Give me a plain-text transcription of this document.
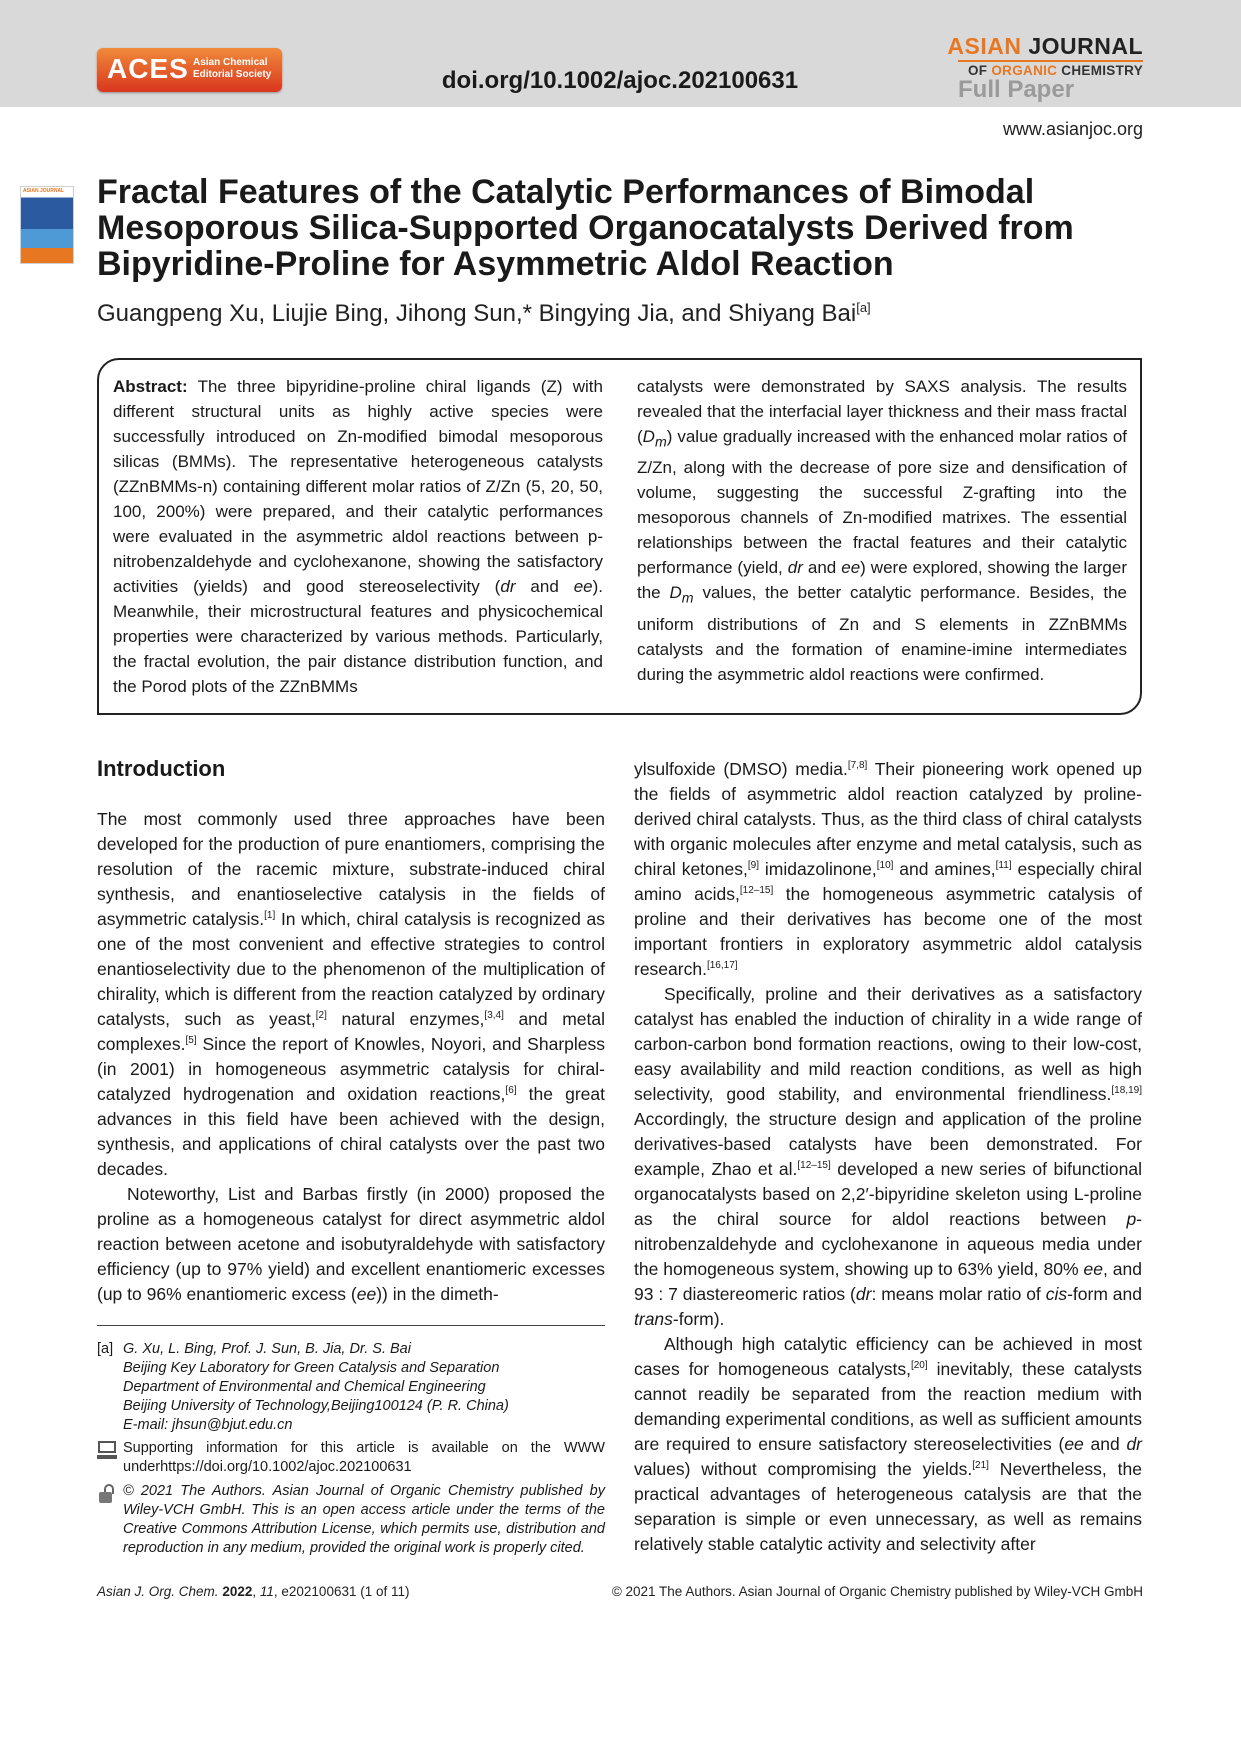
ACES Asian Chemical
Editorial Society	doi.org/10.1002/ajoc.202100631
ASIAN JOURNAL
OF ORGANIC CHEMISTRY
Full Paper
www.asianjoc.org
ASIAN JOURNAL Fractal Features of the Catalytic Performances of Bimodal Mesoporous Silica-Supported Organocatalysts Derived from Bipyridine-Proline for Asymmetric Aldol Reaction
Guangpeng Xu, Liujie Bing, Jihong Sun,* Bingying Jia, and Shiyang Bai[a]
Abstract: The three bipyridine-proline chiral ligands (Z) with different structural units as highly active species were successfully introduced on Zn-modified bimodal mesoporous silicas (BMMs). The representative heterogeneous catalysts (ZZnBMMs-n) containing different molar ratios of Z/Zn (5, 20, 50, 100, 200%) were prepared, and their catalytic performances were evaluated in the asymmetric aldol reactions between p-nitrobenzaldehyde and cyclohexanone, showing the satisfactory activities (yields) and good stereoselectivity (dr and ee). Meanwhile, their microstructural features and physicochemical properties were characterized by various methods. Particularly, the fractal evolution, the pair distance distribution function, and the Porod plots of the ZZnBMMs
catalysts were demonstrated by SAXS analysis. The results revealed that the interfacial layer thickness and their mass fractal $(D_m)$ value gradually increased with the enhanced molar ratios of Z/Zn, along with the decrease of pore size and densification of volume, suggesting the successful Z-grafting into the mesoporous channels of Zn-modified matrixes. The essential relationships between the fractal features and their catalytic performance (yield, dr and ee) were explored, showing the larger the $D_m$ values, the better catalytic performance. Besides, the uniform distributions of Zn and S elements in ZZnBMMs catalysts and the formation of enamine-imine intermediates during the asymmetric aldol reactions were confirmed.
Introduction

The most commonly used three approaches have been developed for the production of pure enantiomers, comprising the resolution of the racemic mixture, substrate-induced chiral synthesis, and enantioselective catalysis in the fields of asymmetric catalysis.[1] In which, chiral catalysis is recognized as one of the most convenient and effective strategies to control enantioselectivity due to the phenomenon of the multiplication of chirality, which is different from the reaction catalyzed by ordinary catalysts, such as yeast,[2] natural enzymes,[3,4] and metal complexes.[5] Since the report of Knowles, Noyori, and Sharpless (in 2001) in homogeneous asymmetric catalysis for chiral-catalyzed hydrogenation and oxidation reactions,[6] the great advances in this field have been achieved with the design, synthesis, and applications of chiral catalysts over the past two decades.

Noteworthy, List and Barbas firstly (in 2000) proposed the proline as a homogeneous catalyst for direct asymmetric aldol reaction between acetone and isobutyraldehyde with satisfactory efficiency (up to 97% yield) and excellent enantiomeric excesses (up to 96% enantiomeric excess (ee)) in the dimeth-

ylsulfoxide (DMSO) media.[7,8] Their pioneering work opened up the fields of asymmetric aldol reaction catalyzed by proline-derived chiral catalysts. Thus, as the third class of chiral catalysts with organic molecules after enzyme and metal catalysis, such as chiral ketones,[9] imidazolinone,[10] and amines,[11] especially chiral amino acids,[12–15] the homogeneous asymmetric catalysis of proline and their derivatives has become one of the most important frontiers in exploratory asymmetric aldol catalysis research.[16,17]

Specifically, proline and their derivatives as a satisfactory catalyst has enabled the induction of chirality in a wide range of carbon-carbon bond formation reactions, owing to their low-cost, easy availability and mild reaction conditions, as well as high selectivity, good stability, and environmental friendliness.[18,19] Accordingly, the structure design and application of the proline derivatives-based catalysts have been demonstrated. For example, Zhao et al.[12–15] developed a new series of bifunctional organocatalysts based on 2,2′-bipyridine skeleton using L-proline as the chiral source for aldol reactions between p-nitrobenzaldehyde and cyclohexanone in aqueous media under the homogeneous system, showing up to 63% yield, 80% ee, and 93 : 7 diastereomeric ratios (dr: means molar ratio of cis-form and trans-form).

Although high catalytic efficiency can be achieved in most cases for homogeneous catalysts,[20] inevitably, these catalysts cannot readily be separated from the reaction medium with demanding experimental conditions, as well as sufficient amounts are required to ensure satisfactory stereoselectivities (ee and dr values) without compromising the yields.[21] Nevertheless, the practical advantages of heterogeneous catalysis are that the separation is simple or even unnecessary, as well as remains relatively stable catalytic activity and selectivity after

[a] G. Xu, L. Bing, Prof. J. Sun, B. Jia, Dr. S. Bai
Beijing Key Laboratory for Green Catalysis and Separation
Department of Environmental and Chemical Engineering
Beijing University of Technology,Beijing100124 (P. R. China)
E-mail: jhsun@bjut.edu.cn
Supporting information for this article is available on the WWW underhttps://doi.org/10.1002/ajoc.202100631
© 2021 The Authors. Asian Journal of Organic Chemistry published by Wiley-VCH GmbH. This is an open access article under the terms of the Creative Commons Attribution License, which permits use, distribution and reproduction in any medium, provided the original work is properly cited.
Asian J. Org. Chem. 2022, 11, e202100631 (1 of 11)	© 2021 The Authors. Asian Journal of Organic Chemistry published by Wiley-VCH GmbH
